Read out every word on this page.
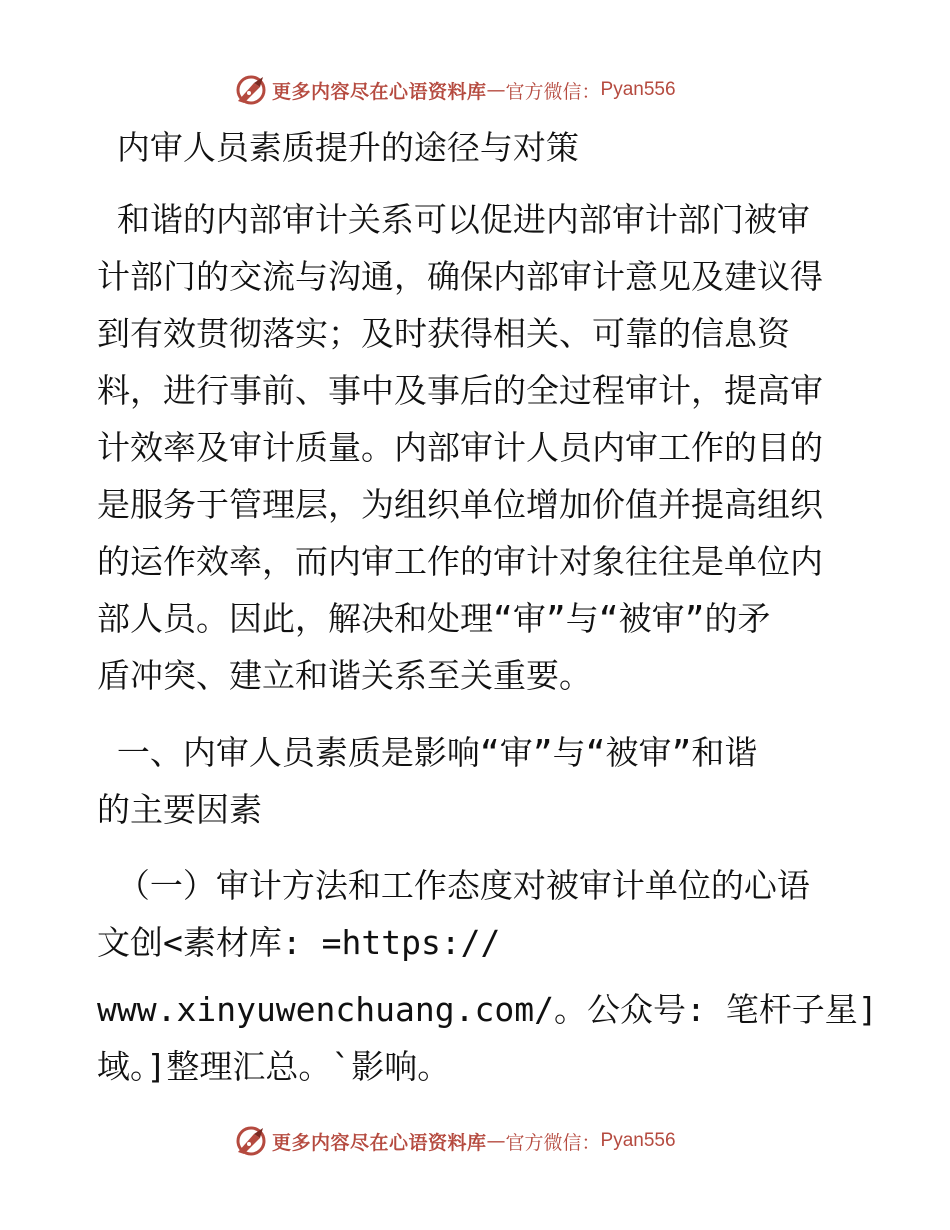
更多内容尽在心语资料库 — 官方微信： Pyan556
内审人员素质提升的途径与对策
和谐的内部审计关系可以促进内部审计部门被审
计部门的交流与沟通，确保内部审计意见及建议得
到有效贯彻落实；及时获得相关、可靠的信息资
料，进行事前、事中及事后的全过程审计，提高审
计效率及审计质量。内部审计人员内审工作的目的
是服务于管理层，为组织单位增加价值并提高组织
的运作效率，而内审工作的审计对象往往是单位内
部人员。因此，解决和处理“审”与“被审”的矛
盾冲突、建立和谐关系至关重要。
一、内审人员素质是影响“审”与“被审”和谐
的主要因素
（一）审计方法和工作态度对被审计单位的心语
文创<素材库: =https://
www.xinyuwenchuang.com/。公众号: 笔杆子星]
域。]整理汇总。`影响。
更多内容尽在心语资料库 — 官方微信： Pyan556
